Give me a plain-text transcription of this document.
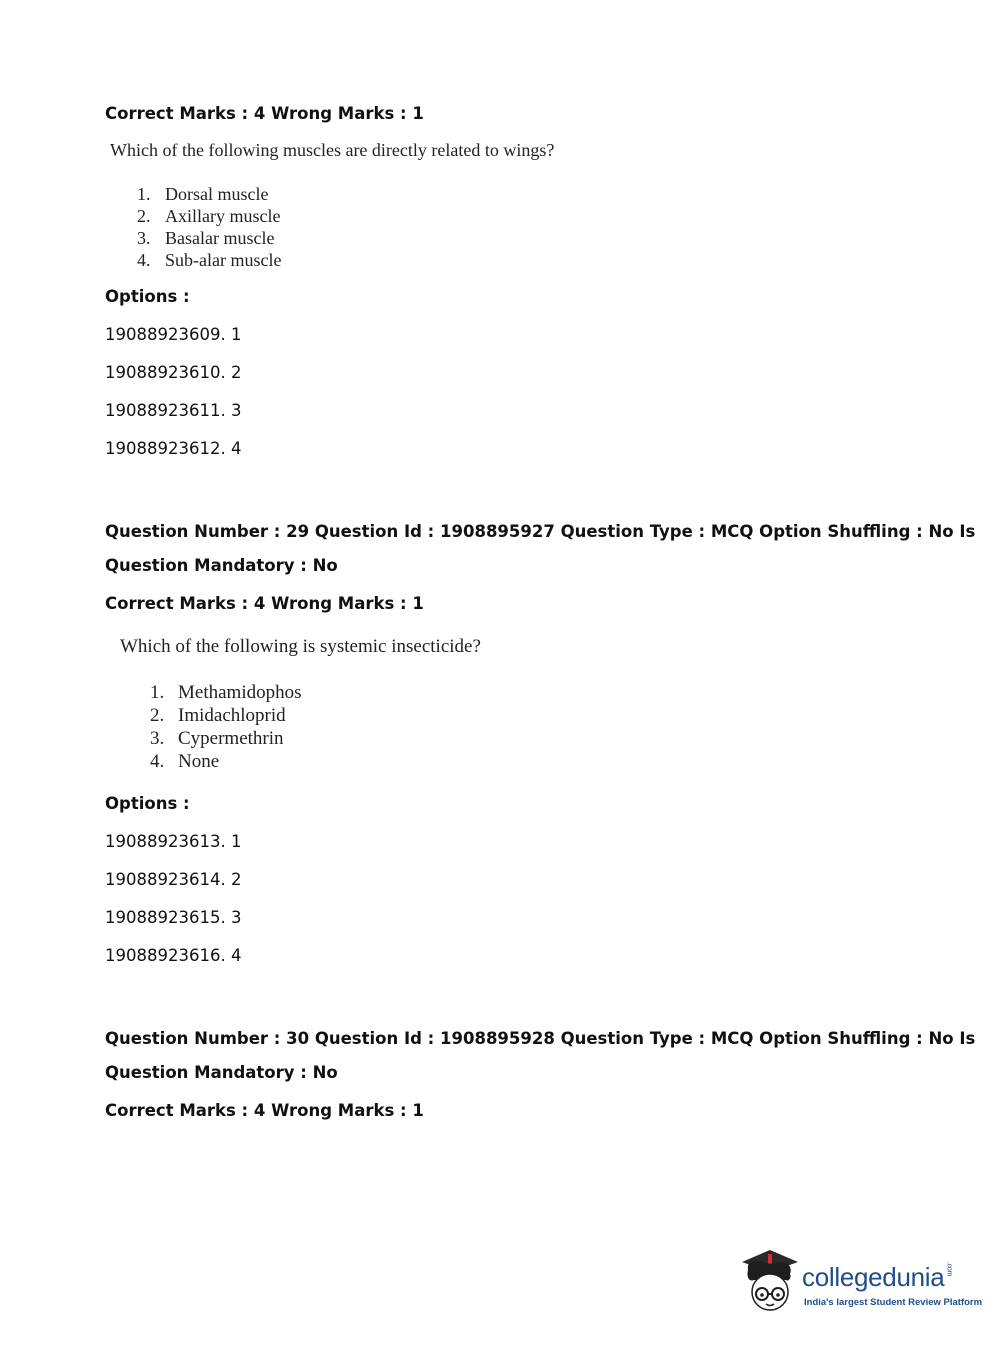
Correct Marks : 4 Wrong Marks : 1
Which of the following muscles are directly related to wings?
1. Dorsal muscle
2. Axillary muscle
3. Basalar muscle
4. Sub-alar muscle
Options :
19088923609. 1
19088923610. 2
19088923611. 3
19088923612. 4
Question Number : 29 Question Id : 1908895927 Question Type : MCQ Option Shuffling : No Is
Question Mandatory : No
Correct Marks : 4 Wrong Marks : 1
Which of the following is systemic insecticide?
1. Methamidophos
2. Imidachloprid
3. Cypermethrin
4. None
Options :
19088923613. 1
19088923614. 2
19088923615. 3
19088923616. 4
Question Number : 30 Question Id : 1908895928 Question Type : MCQ Option Shuffling : No Is
Question Mandatory : No
Correct Marks : 4 Wrong Marks : 1
collegedunia.com
India's largest Student Review Platform
